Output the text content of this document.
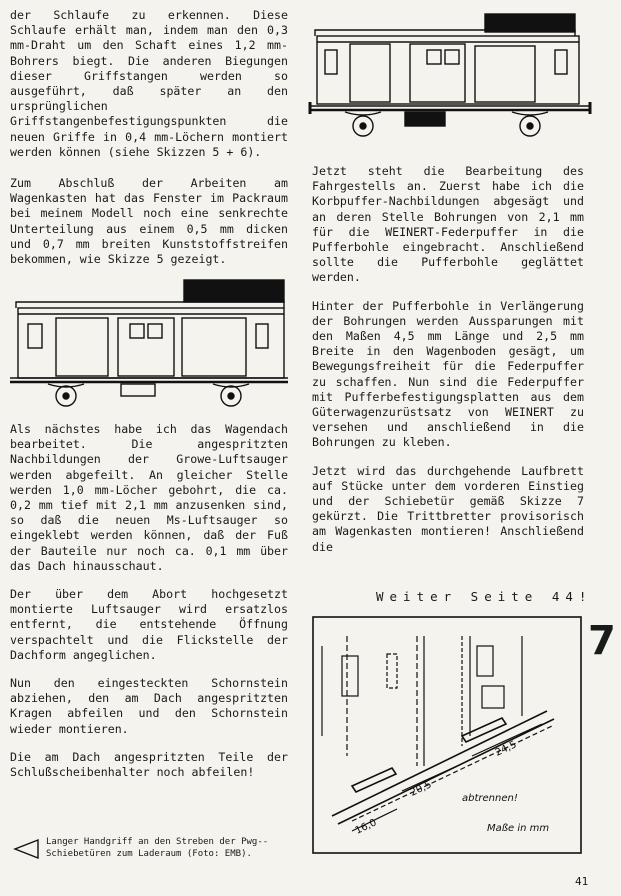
der Schlaufe zu erkennen. Diese Schlaufe erhält man, indem man den 0,3 mm-Draht um den Schaft eines 1,2 mm-Bohrers biegt. Die anderen Biegungen dieser Griffstangen werden so ausgeführt, daß später an den ursprünglichen Griffstangenbefestigungspunkten die neuen Griffe in 0,4 mm-Löchern montiert werden können (siehe Skizzen 5 + 6).

Jetzt steht die Bearbeitung des Fahrgestells an. Zuerst habe ich die Korbpuffer-Nachbildungen abgesägt und an deren Stelle Bohrungen von 2,1 mm für die WEINERT-Federpuffer in die Pufferbohle eingebracht. Anschließend sollte die Pufferbohle geglättet werden.

Hinter der Pufferbohle in Verlängerung der Bohrungen werden Aussparungen mit den Maßen 4,5 mm Länge und 2,5 mm Breite in den Wagenboden gesägt, um Bewegungsfreiheit für die Federpuffer zu schaffen. Nun sind die Federpuffer mit Pufferbefestigungsplatten aus dem Güterwagenzurüstsatz von WEINERT zu versehen und anschließend in die Bohrungen zu kleben.

Jetzt wird das durchgehende Laufbrett auf Stücke unter dem vorderen Einstieg und der Schiebetür gemäß Skizze 7 gekürzt. Die Trittbretter provisorisch am Wagenkasten montieren! Anschließend die

Weiter Seite 44!

Zum Abschluß der Arbeiten am Wagenkasten hat das Fenster im Packraum bei meinem Modell noch eine senkrechte Unterteilung aus einem 0,5 mm dicken und 0,7 mm breiten Kunststoffstreifen bekommen, wie Skizze 5 gezeigt.

Als nächstes habe ich das Wagendach bearbeitet. Die angespritzten Nachbildungen der Growe-Luftsauger werden abgefeilt. An gleicher Stelle werden 1,0 mm-Löcher gebohrt, die ca. 0,2 mm tief mit 2,1 mm anzusenken sind, so daß die neuen Ms-Luftsauger so eingeklebt werden können, daß der Fuß der Bauteile nur noch ca. 0,1 mm über das Dach hinausschaut.

Der über dem Abort hochgesetzt montierte Luftsauger wird ersatzlos entfernt, die entstehende Öffnung verspachtelt und die Flickstelle der Dachform angeglichen.

Nun den eingesteckten Schornstein abziehen, den am Dach angespritzten Kragen abfeilen und den Schornstein wieder montieren.

Die am Dach angespritzten Teile der Schlußscheibenhalter noch abfeilen!

Langer Handgriff an den Streben der Pwg--Schiebetüren zum Laderaum (Foto: EMB).
16,0
20,5
24,5
abtrennen!
Maße in mm
7
41
